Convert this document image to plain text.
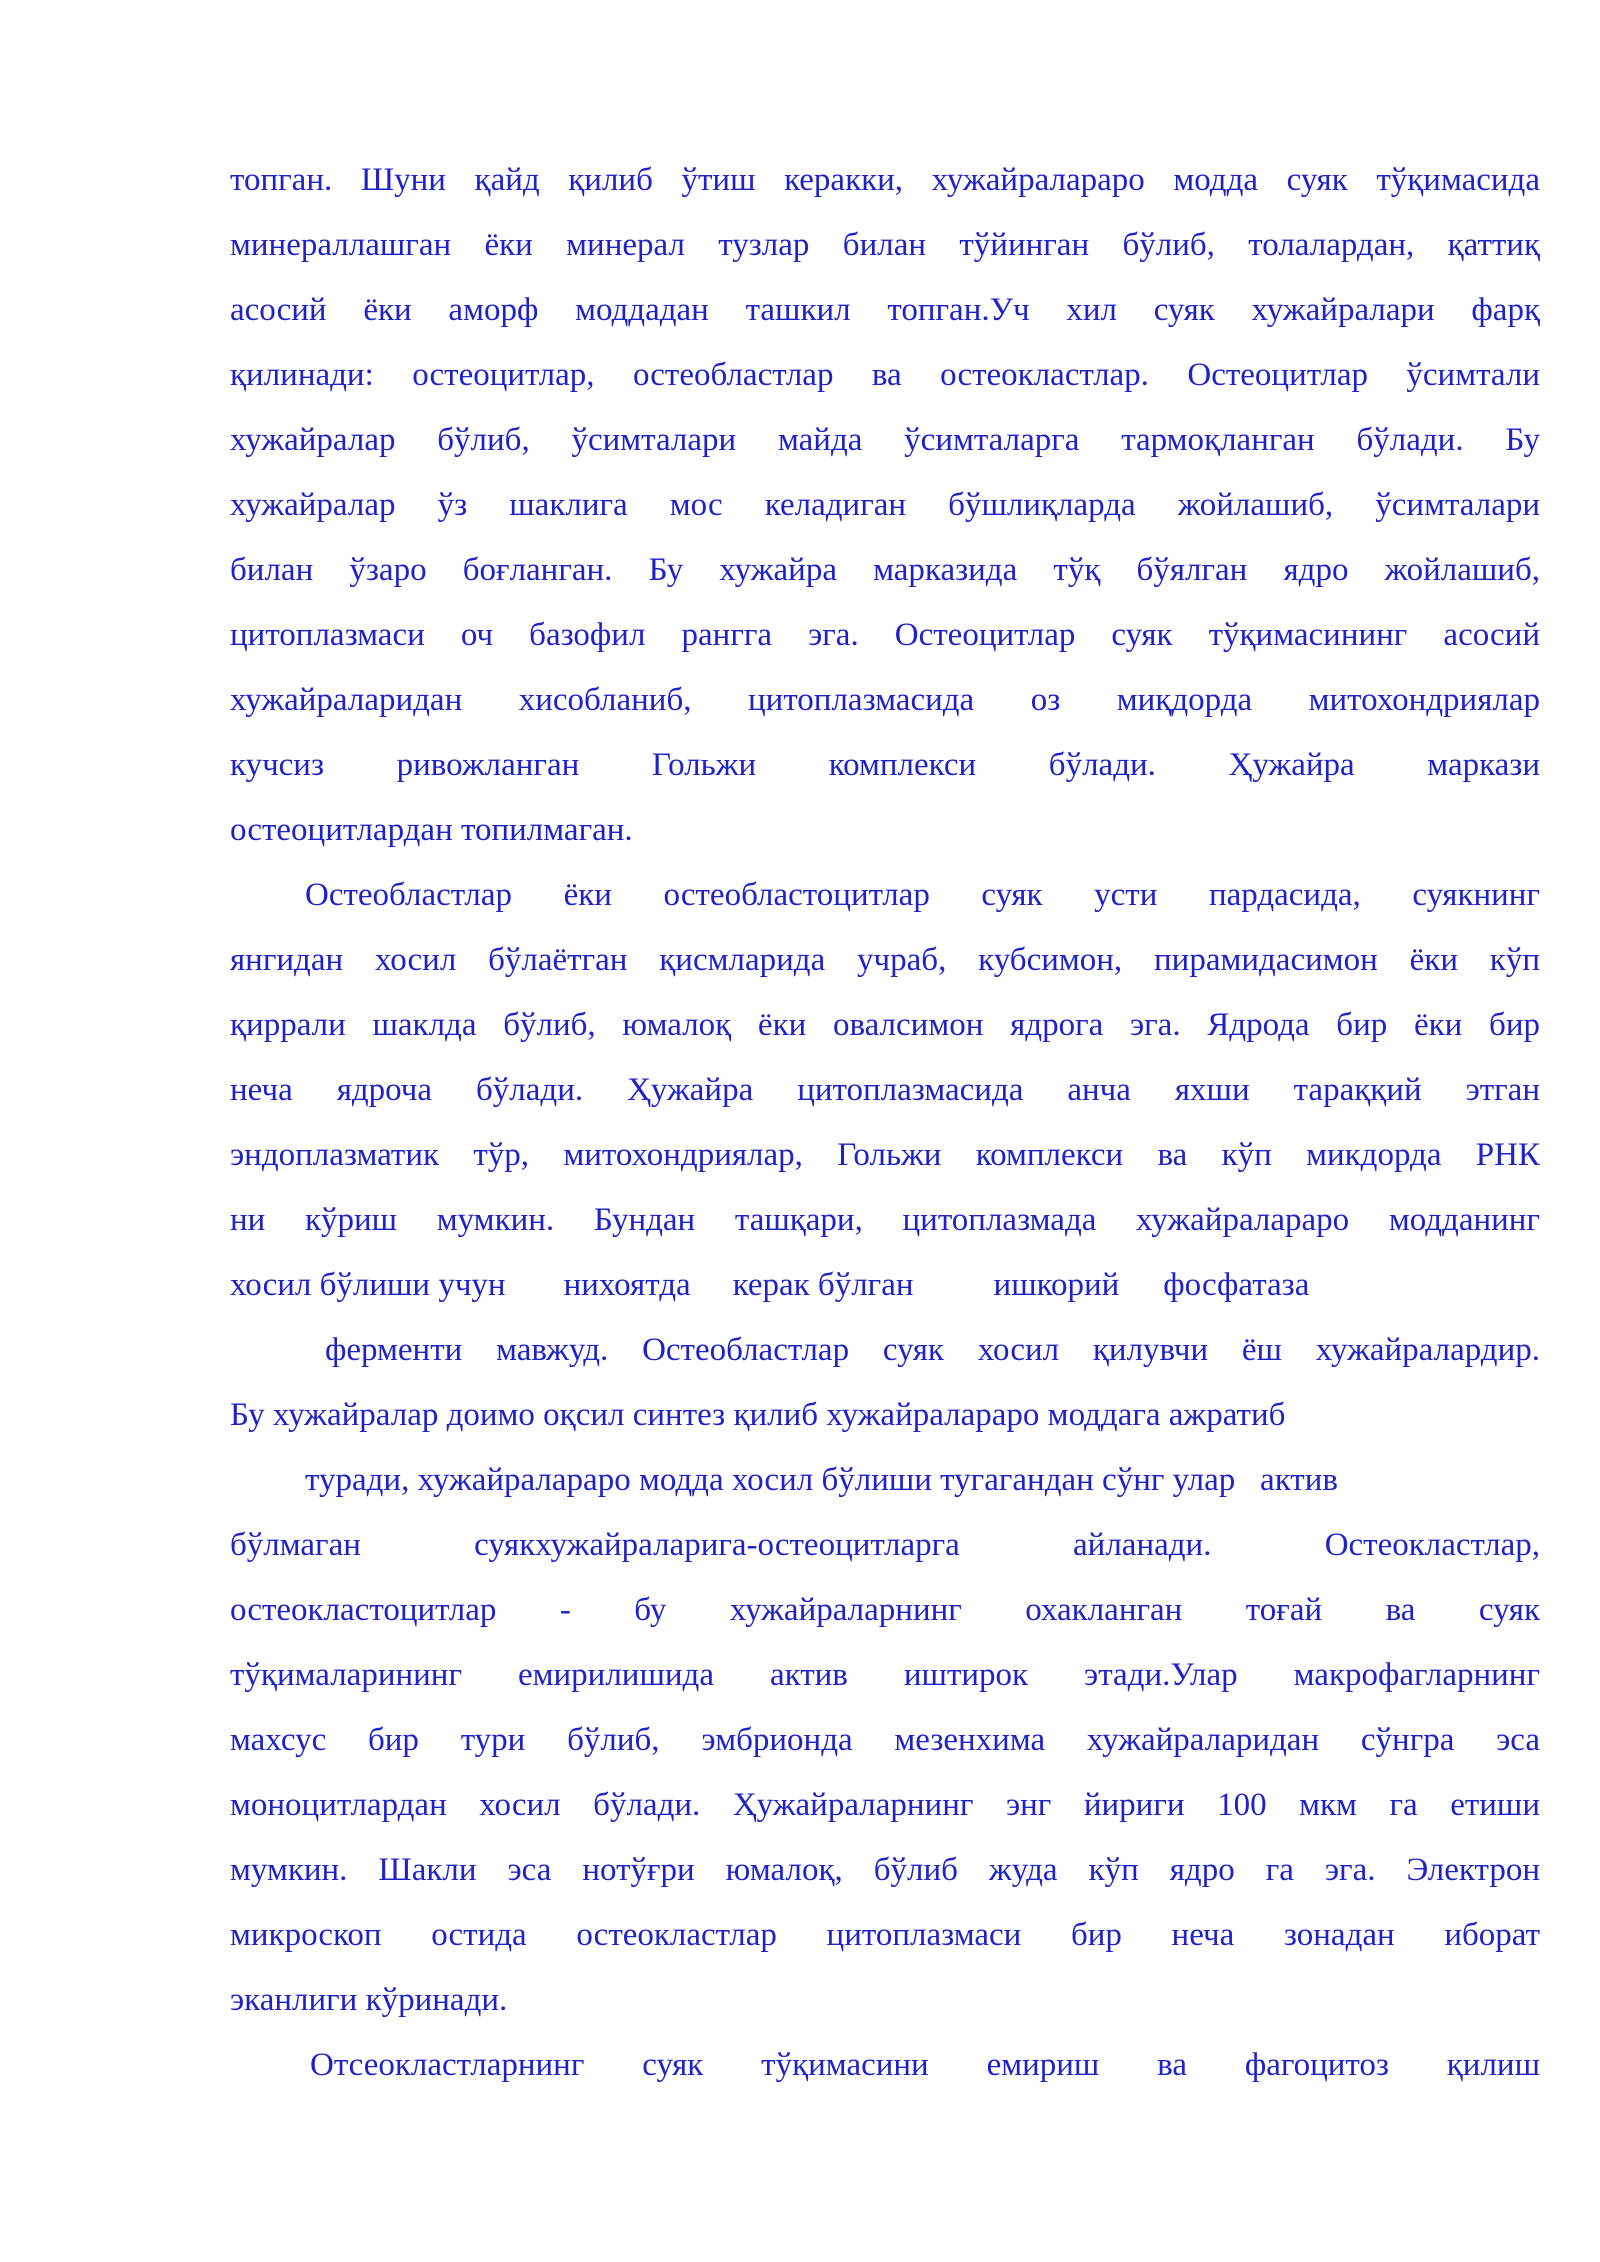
топган. Шуни қайд қилиб ўтиш керакки, хужайралараро модда суяк тўқимасида
минераллашган ёки минерал тузлар билан тўйинган бўлиб, толалардан, қаттиқ
асосий ёки аморф моддадан ташкил топган.Уч хил суяк хужайралари фарқ
қилинади: остеоцитлар, остеобластлар ва остеокластлар. Остеоцитлар ўсимтали
хужайралар бўлиб, ўсимталари майда ўсимталарга тармоқланган бўлади. Бу
хужайралар ўз шаклига мос келадиган бўшлиқларда жойлашиб, ўсимталари
билан ўзаро боғланган. Бу хужайра марказида тўқ бўялган ядро жойлашиб,
цитоплазмаси оч базофил рангга эга. Остеоцитлар суяк тўқимасининг асосий
хужайраларидан хисобланиб, цитоплазмасида оз миқдорда митохондриялар
кучсиз ривожланган Гольжи комплекси бўлади. Ҳужайра маркази
остеоцитлардан топилмаган.
Остеобластлар ёки остеобластоцитлар суяк усти пардасида, суякнинг
янгидан хосил бўлаётган қисмларида учраб, кубсимон, пирамидасимон ёки кўп
қиррали шаклда бўлиб, юмалоқ ёки овалсимон ядрога эга. Ядрода бир ёки бир
неча ядроча бўлади. Ҳужайра цитоплазмасида анча яхши тараққий этган
эндоплазматик тўр, митохондриялар, Гольжи комплекси ва кўп микдорда РНК
ни кўриш мумкин. Бундан ташқари, цитоплазмада хужайралараро модданинг
хосил бўлиши учун нихоятда керак бўлган ишкорий фосфатаза
ферменти мавжуд. Остеобластлар суяк хосил қилувчи ёш хужайралардир.
Бу хужайралар доимо оқсил синтез қилиб хужайралараро моддага ажратиб
туради, хужайралараро модда хосил бўлиши тугагандан сўнг улар   актив
бўлмаган суякхужайраларига-остеоцитларга айланади. Остеокластлар,
остеокластоцитлар - бу хужайраларнинг охакланган тоғай ва суяк
тўқималарининг емирилишида актив иштирок этади.Улар макрофагларнинг
махсус бир тури бўлиб, эмбрионда мезенхима хужайраларидан сўнгра эса
моноцитлардан хосил бўлади. Ҳужайраларнинг энг йириги 100 мкм га етиши
мумкин. Шакли эса нотўғри юмалоқ, бўлиб жуда кўп ядро га эга. Электрон
микроскоп остида остеокластлар цитоплазмаси бир неча зонадан иборат
эканлиги кўринади.
Отсеокластларнинг суяк тўқимасини емириш ва фагоцитоз қилиш
